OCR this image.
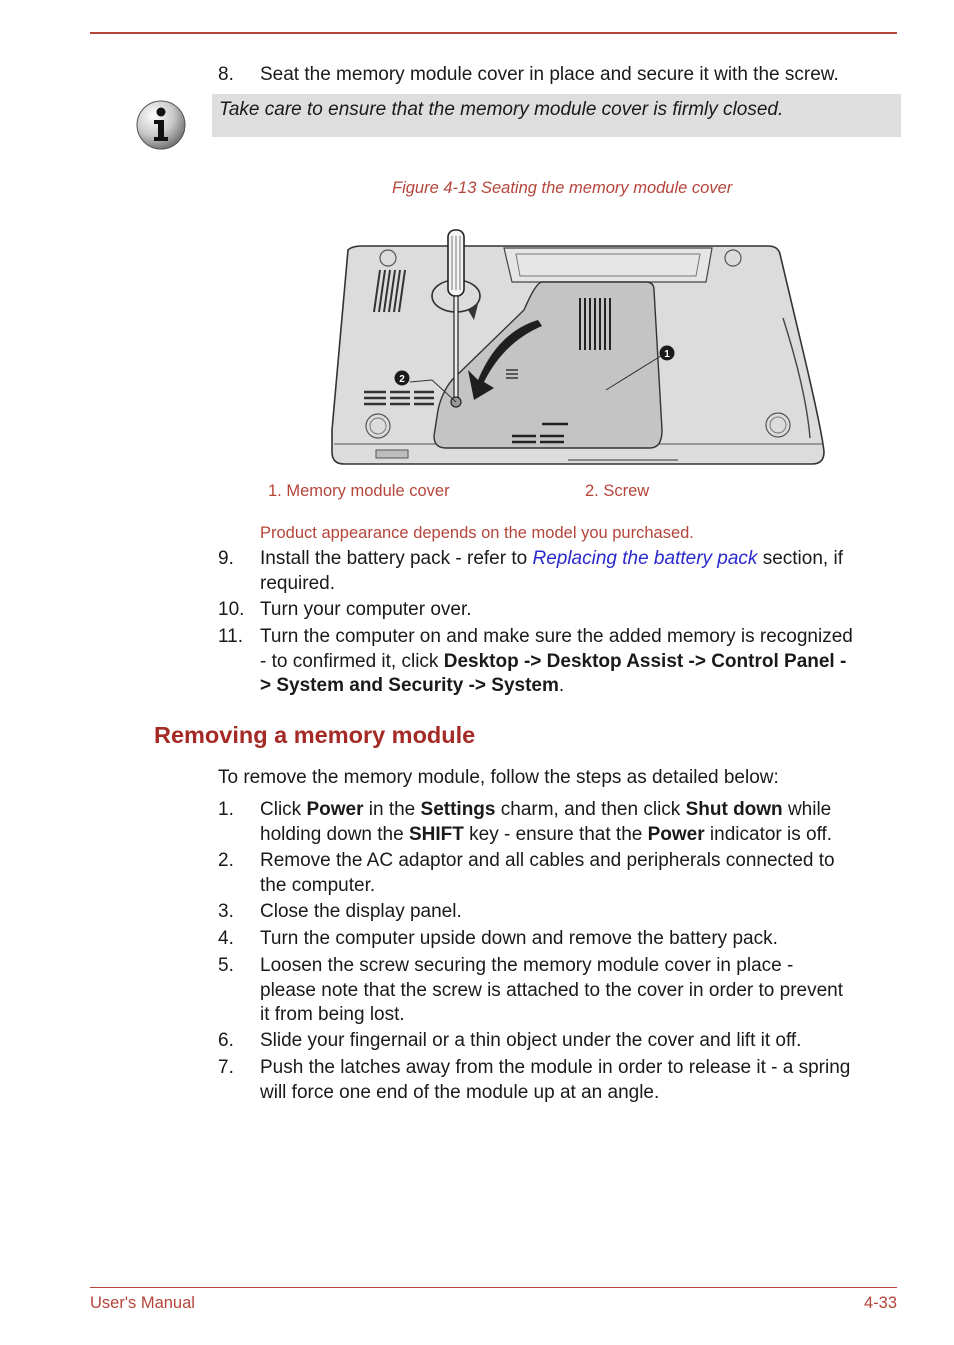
8. Seat the memory module cover in place and secure it with the screw.
Take care to ensure that the memory module cover is firmly closed.
Figure 4-13 Seating the memory module cover
1
2
1. Memory module cover	2. Screw
Product appearance depends on the model you purchased.
9. Install the battery pack - refer to Replacing the battery pack section, if
required.
10. Turn your computer over.
11. Turn the computer on and make sure the added memory is recognized
- to confirmed it, click Desktop -> Desktop Assist -> Control Panel -
> System and Security -> System.
Removing a memory module
To remove the memory module, follow the steps as detailed below:
1. Click Power in the Settings charm, and then click Shut down while
holding down the SHIFT key - ensure that the Power indicator is off.
2. Remove the AC adaptor and all cables and peripherals connected to
the computer.
3. Close the display panel.
4. Turn the computer upside down and remove the battery pack.
5. Loosen the screw securing the memory module cover in place -
please note that the screw is attached to the cover in order to prevent
it from being lost.
6. Slide your fingernail or a thin object under the cover and lift it off.
7. Push the latches away from the module in order to release it - a spring
will force one end of the module up at an angle.
User's Manual	4-33
